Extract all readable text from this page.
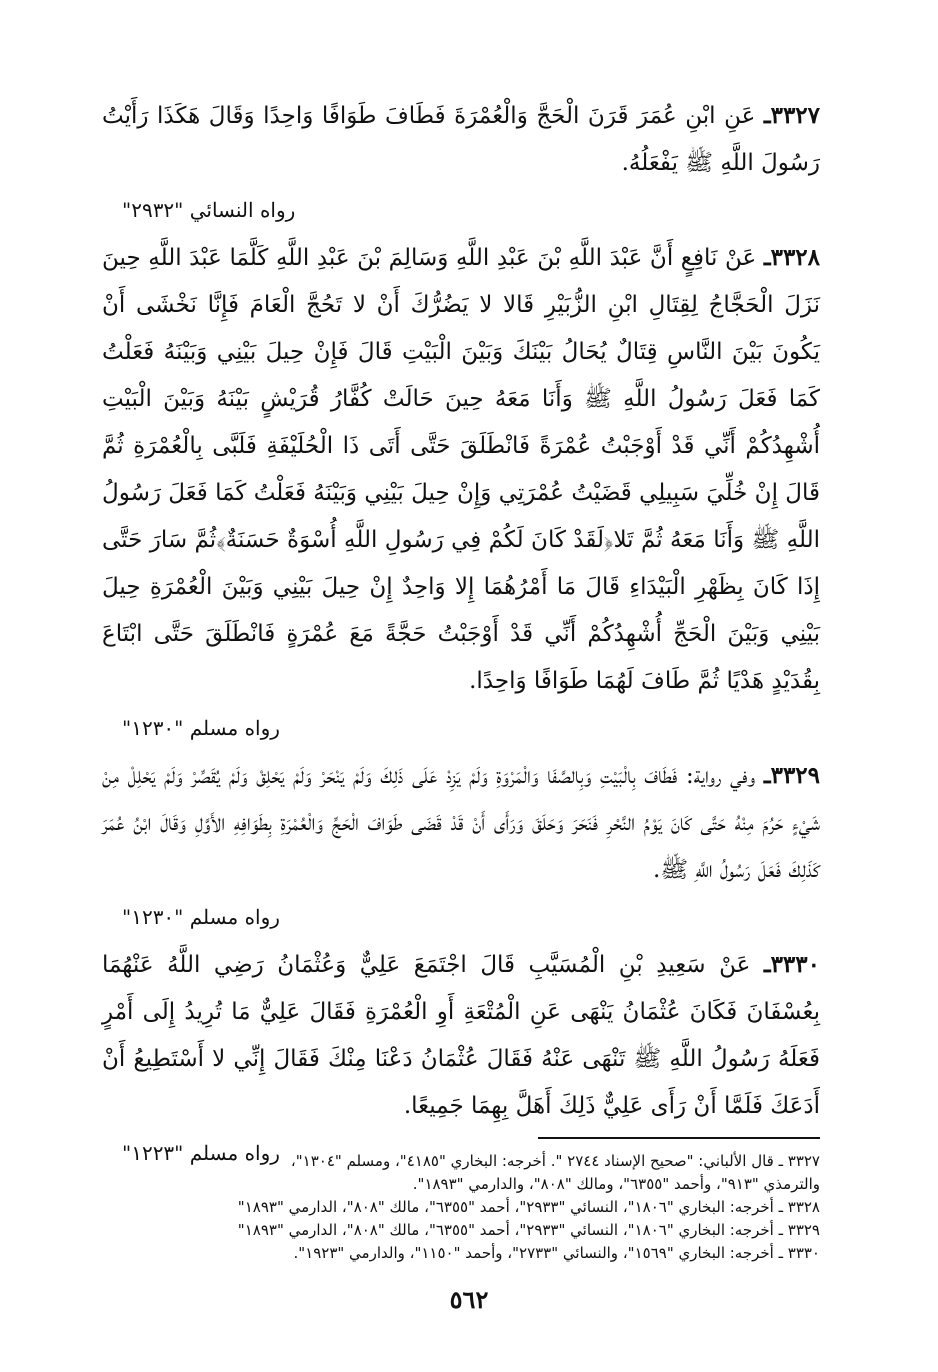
٣٣٢٧ـ عَنِ ابْنِ عُمَرَ قَرَنَ الْحَجَّ وَالْعُمْرَةَ فَطَافَ طَوَافًا وَاحِدًا وَقَالَ هَكَذَا رَأَيْتُ رَسُولَ اللَّهِ ﷺ يَفْعَلُهُ.

رواه النسائي "٢٩٣٢"

٣٣٢٨ـ عَنْ نَافِعٍ أَنَّ عَبْدَ اللَّهِ بْنَ عَبْدِ اللَّهِ وَسَالِمَ بْنَ عَبْدِ اللَّهِ كَلَّمَا عَبْدَ اللَّهِ حِينَ نَزَلَ الْحَجَّاجُ لِقِتَالِ ابْنِ الزُّبَيْرِ قَالا لا يَضُرُّكَ أَنْ لا تَحُجَّ الْعَامَ فَإِنَّا نَخْشَى أَنْ يَكُونَ بَيْنَ النَّاسِ قِتَالٌ يُحَالُ بَيْنَكَ وَبَيْنَ الْبَيْتِ قَالَ فَإِنْ حِيلَ بَيْنِي وَبَيْنَهُ فَعَلْتُ كَمَا فَعَلَ رَسُولُ اللَّهِ ﷺ وَأَنَا مَعَهُ حِينَ حَالَتْ كُفَّارُ قُرَيْشٍ بَيْنَهُ وَبَيْنَ الْبَيْتِ أُشْهِدُكُمْ أَنِّي قَدْ أَوْجَبْتُ عُمْرَةً فَانْطَلَقَ حَتَّى أَتَى ذَا الْحُلَيْفَةِ فَلَبَّى بِالْعُمْرَةِ ثُمَّ قَالَ إِنْ خُلِّيَ سَبِيلِي قَضَيْتُ عُمْرَتِي وَإِنْ حِيلَ بَيْنِي وَبَيْنَهُ فَعَلْتُ كَمَا فَعَلَ رَسُولُ اللَّهِ ﷺ وَأَنَا مَعَهُ ثُمَّ تَلا﴿لَقَدْ كَانَ لَكُمْ فِي رَسُولِ اللَّهِ أُسْوَةٌ حَسَنَةٌ﴾ثُمَّ سَارَ حَتَّى إِذَا كَانَ بِظَهْرِ الْبَيْدَاءِ قَالَ مَا أَمْرُهُمَا إِلا وَاحِدٌ إِنْ حِيلَ بَيْنِي وَبَيْنَ الْعُمْرَةِ حِيلَ بَيْنِي وَبَيْنَ الْحَجِّ أُشْهِدُكُمْ أَنِّي قَدْ أَوْجَبْتُ حَجَّةً مَعَ عُمْرَةٍ فَانْطَلَقَ حَتَّى ابْتَاعَ بِقُدَيْدٍ هَدْيًا ثُمَّ طَافَ لَهُمَا طَوَافًا وَاحِدًا.

رواه مسلم "١٢٣٠"

٣٣٢٩ـ وفي رواية: فَطَافَ بِالْبَيْتِ وَبِالصَّفَا وَالْمَرْوَةِ وَلَمْ يَزِدْ عَلَى ذَلِكَ وَلَمْ يَنْحَرْ وَلَمْ يَحْلِقْ وَلَمْ يُقَصِّرْ وَلَمْ يَحْلِلْ مِنْ شَيْءٍ حَرُمَ مِنْهُ حَتَّى كَانَ يَوْمُ النَّحْرِ فَنَحَرَ وَحَلَقَ وَرَأَى أَنْ قَدْ قَضَى طَوَافَ الْحَجِّ وَالْعُمْرَةِ بِطَوَافِهِ الأَوَّلِ وَقَالَ ابْنُ عُمَرَ كَذَلِكَ فَعَلَ رَسُولُ اللَّهِ ﷺ.

رواه مسلم "١٢٣٠"

٣٣٣٠ـ عَنْ سَعِيدِ بْنِ الْمُسَيَّبِ قَالَ اجْتَمَعَ عَلِيٌّ وَعُثْمَانُ رَضِي اللَّهُ عَنْهُمَا بِعُسْفَانَ فَكَانَ عُثْمَانُ يَنْهَى عَنِ الْمُتْعَةِ أَوِ الْعُمْرَةِ فَقَالَ عَلِيٌّ مَا تُرِيدُ إِلَى أَمْرٍ فَعَلَهُ رَسُولُ اللَّهِ ﷺ تَنْهَى عَنْهُ فَقَالَ عُثْمَانُ دَعْنَا مِنْكَ فَقَالَ إِنِّي لا أَسْتَطِيعُ أَنْ أَدَعَكَ فَلَمَّا أَنْ رَأَى عَلِيٌّ ذَلِكَ أَهَلَّ بِهِمَا جَمِيعًا.

رواه مسلم "١٢٢٣" ٣٣٢٧ ـ قال الألباني: "صحيح الإسناد ٢٧٤٤ ". أخرجه: البخاري "٤١٨٥"، ومسلم "١٣٠٤"،

والترمذي "٩١٣"، وأحمد "٦٣٥٥"، ومالك "٨٠٨"، والدارمي "١٨٩٣".

٣٣٢٨ ـ أخرجه: البخاري "١٨٠٦"، النسائي "٢٩٣٣"، أحمد "٦٣٥٥"، مالك "٨٠٨"، الدارمي "١٨٩٣"

٣٣٢٩ ـ أخرجه: البخاري "١٨٠٦"، النسائي "٢٩٣٣"، أحمد "٦٣٥٥"، مالك "٨٠٨"، الدارمي "١٨٩٣"

٣٣٣٠ ـ أخرجه: البخاري "١٥٦٩"، والنسائي "٢٧٣٣"، وأحمد "١١٥٠"، والدارمي "١٩٢٣".

٥٦٢
